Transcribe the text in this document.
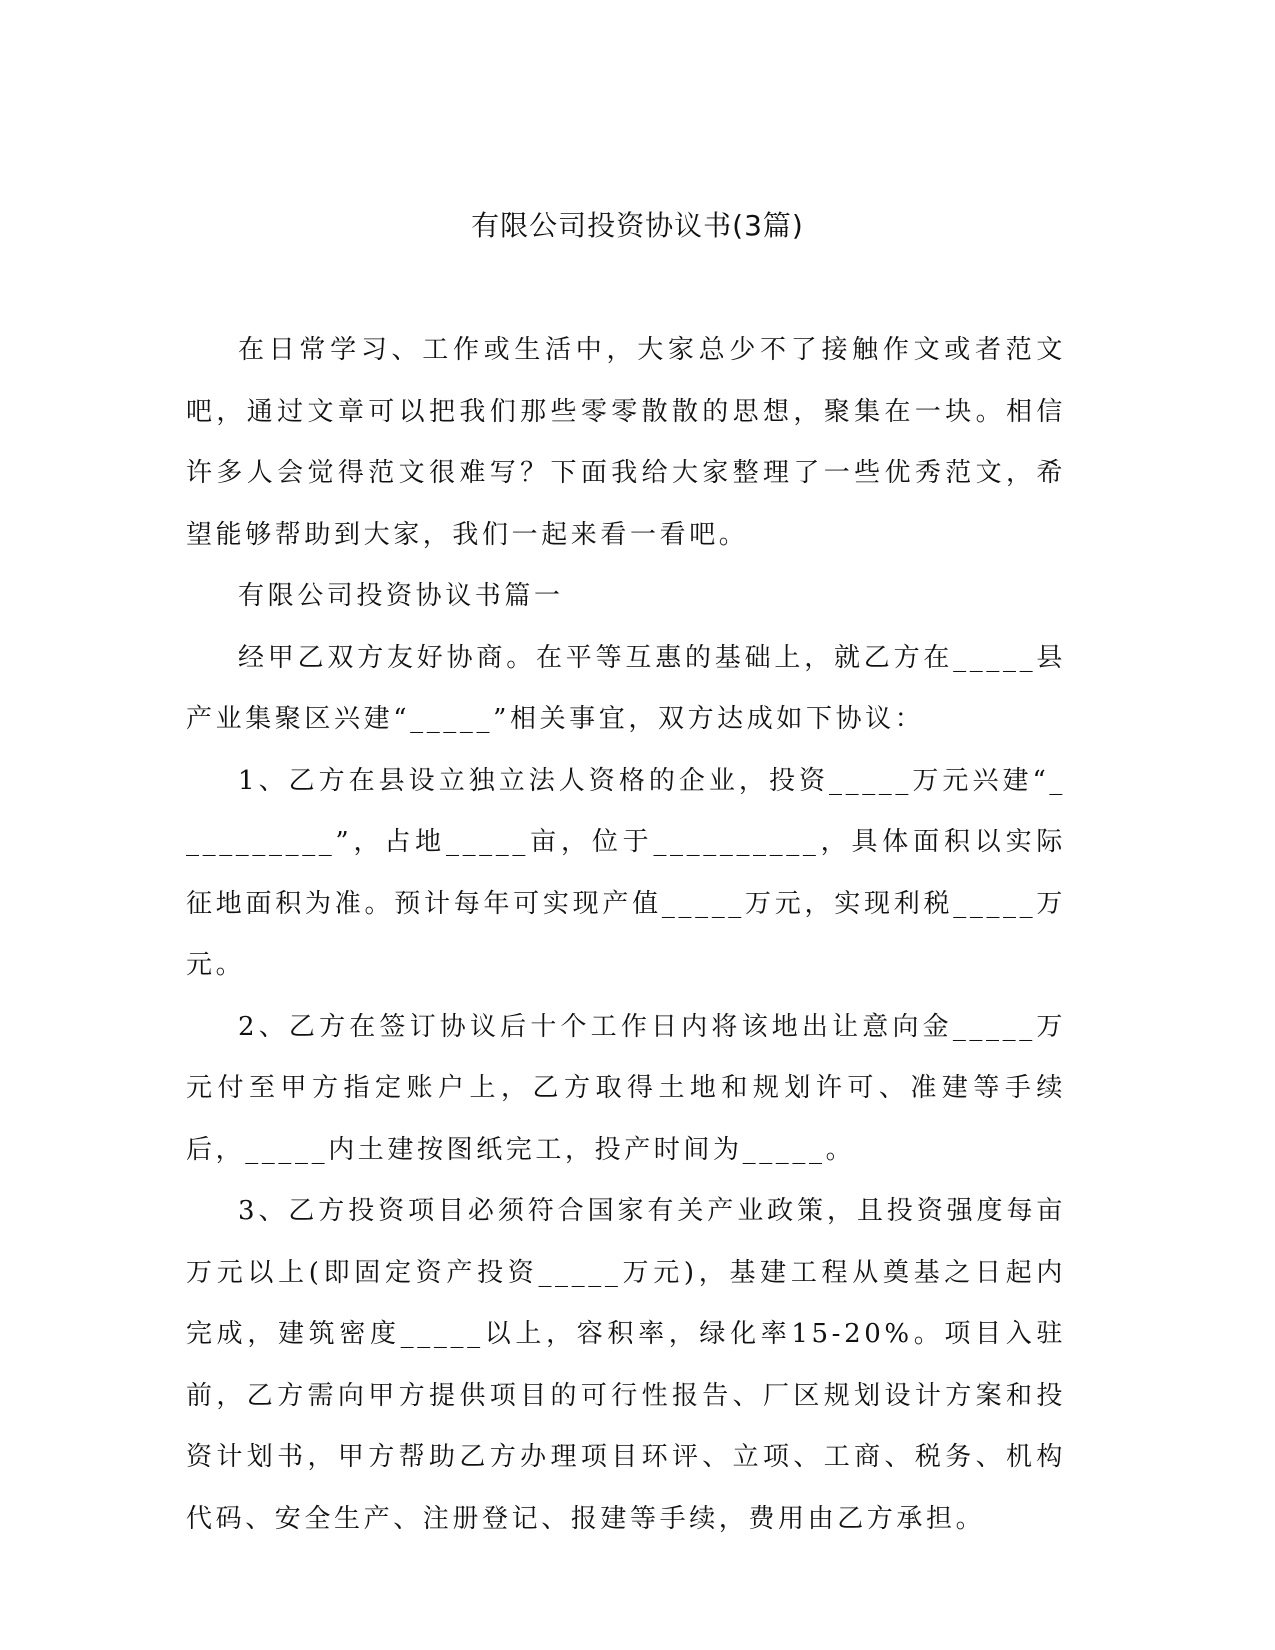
有限公司投资协议书(3篇)

在日常学习、工作或生活中，大家总少不了接触作文或者范文吧，通过文章可以把我们那些零零散散的思想，聚集在一块。相信许多人会觉得范文很难写？下面我给大家整理了一些优秀范文，希望能够帮助到大家，我们一起来看一看吧。

有限公司投资协议书篇一

经甲乙双方友好协商。在平等互惠的基础上，就乙方在_____县产业集聚区兴建“_____”相关事宜，双方达成如下协议：

1、乙方在县设立独立法人资格的企业，投资_____万元兴建“__________”，占地_____亩，位于__________，具体面积以实际征地面积为准。预计每年可实现产值_____万元，实现利税_____万元。

2、乙方在签订协议后十个工作日内将该地出让意向金_____万元付至甲方指定账户上，乙方取得土地和规划许可、准建等手续后，_____内土建按图纸完工，投产时间为_____。

3、乙方投资项目必须符合国家有关产业政策，且投资强度每亩万元以上(即固定资产投资_____万元)，基建工程从奠基之日起内完成，建筑密度_____以上，容积率，绿化率15-20%。项目入驻前，乙方需向甲方提供项目的可行性报告、厂区规划设计方案和投资计划书，甲方帮助乙方办理项目环评、立项、工商、税务、机构代码、安全生产、注册登记、报建等手续，费用由乙方承担。
